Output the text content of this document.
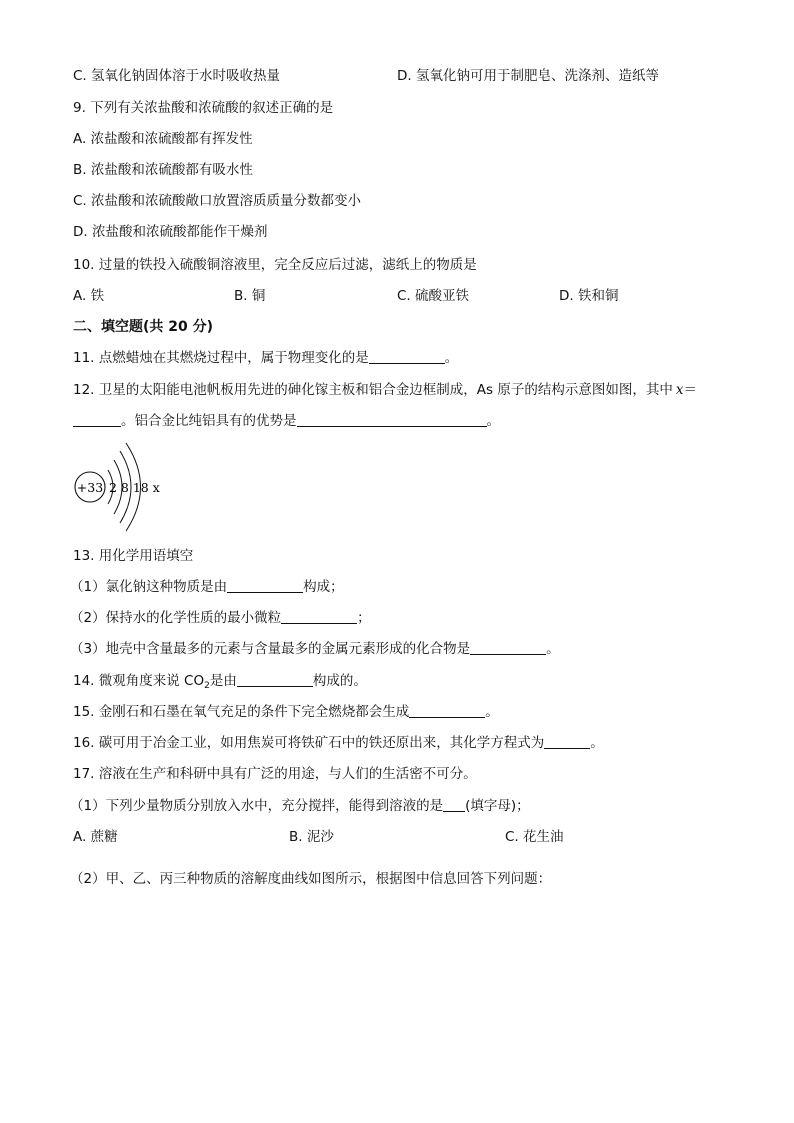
C. 氢氧化钠固体溶于水时吸收热量	D. 氢氧化钠可用于制肥皂、洗涤剂、造纸等
9. 下列有关浓盐酸和浓硫酸的叙述正确的是
A. 浓盐酸和浓硫酸都有挥发性
B. 浓盐酸和浓硫酸都有吸水性
C. 浓盐酸和浓硫酸敞口放置溶质质量分数都变小
D. 浓盐酸和浓硫酸都能作干燥剂
10. 过量的铁投入硫酸铜溶液里，完全反应后过滤，滤纸上的物质是
A. 铁	B. 铜	C. 硫酸亚铁	D. 铁和铜
二、填空题(共 20 分)
11. 点燃蜡烛在其燃烧过程中，属于物理变化的是	。
12. 卫星的太阳能电池帆板用先进的砷化镓主板和铝合金边框制成，As 原子的结构示意图如图，其中 x＝
。铝合金比纯铝具有的优势是	。
+33 2 8 18 x
13. 用化学用语填空
（1）氯化钠这种物质是由	构成；
（2）保持水的化学性质的最小微粒	；
（3）地壳中含量最多的元素与含量最多的金属元素形成的化合物是	。
14. 微观角度来说 $CO_2$是由	构成的。
15. 金刚石和石墨在氧气充足的条件下完全燃烧都会生成	。
16. 碳可用于冶金工业，如用焦炭可将铁矿石中的铁还原出来，其化学方程式为	。
17. 溶液在生产和科研中具有广泛的用途，与人们的生活密不可分。
（1）下列少量物质分别放入水中，充分搅拌，能得到溶液的是 (填字母)；
A. 蔗糖	B. 泥沙	C. 花生油
（2）甲、乙、丙三种物质的溶解度曲线如图所示，根据图中信息回答下列问题：
